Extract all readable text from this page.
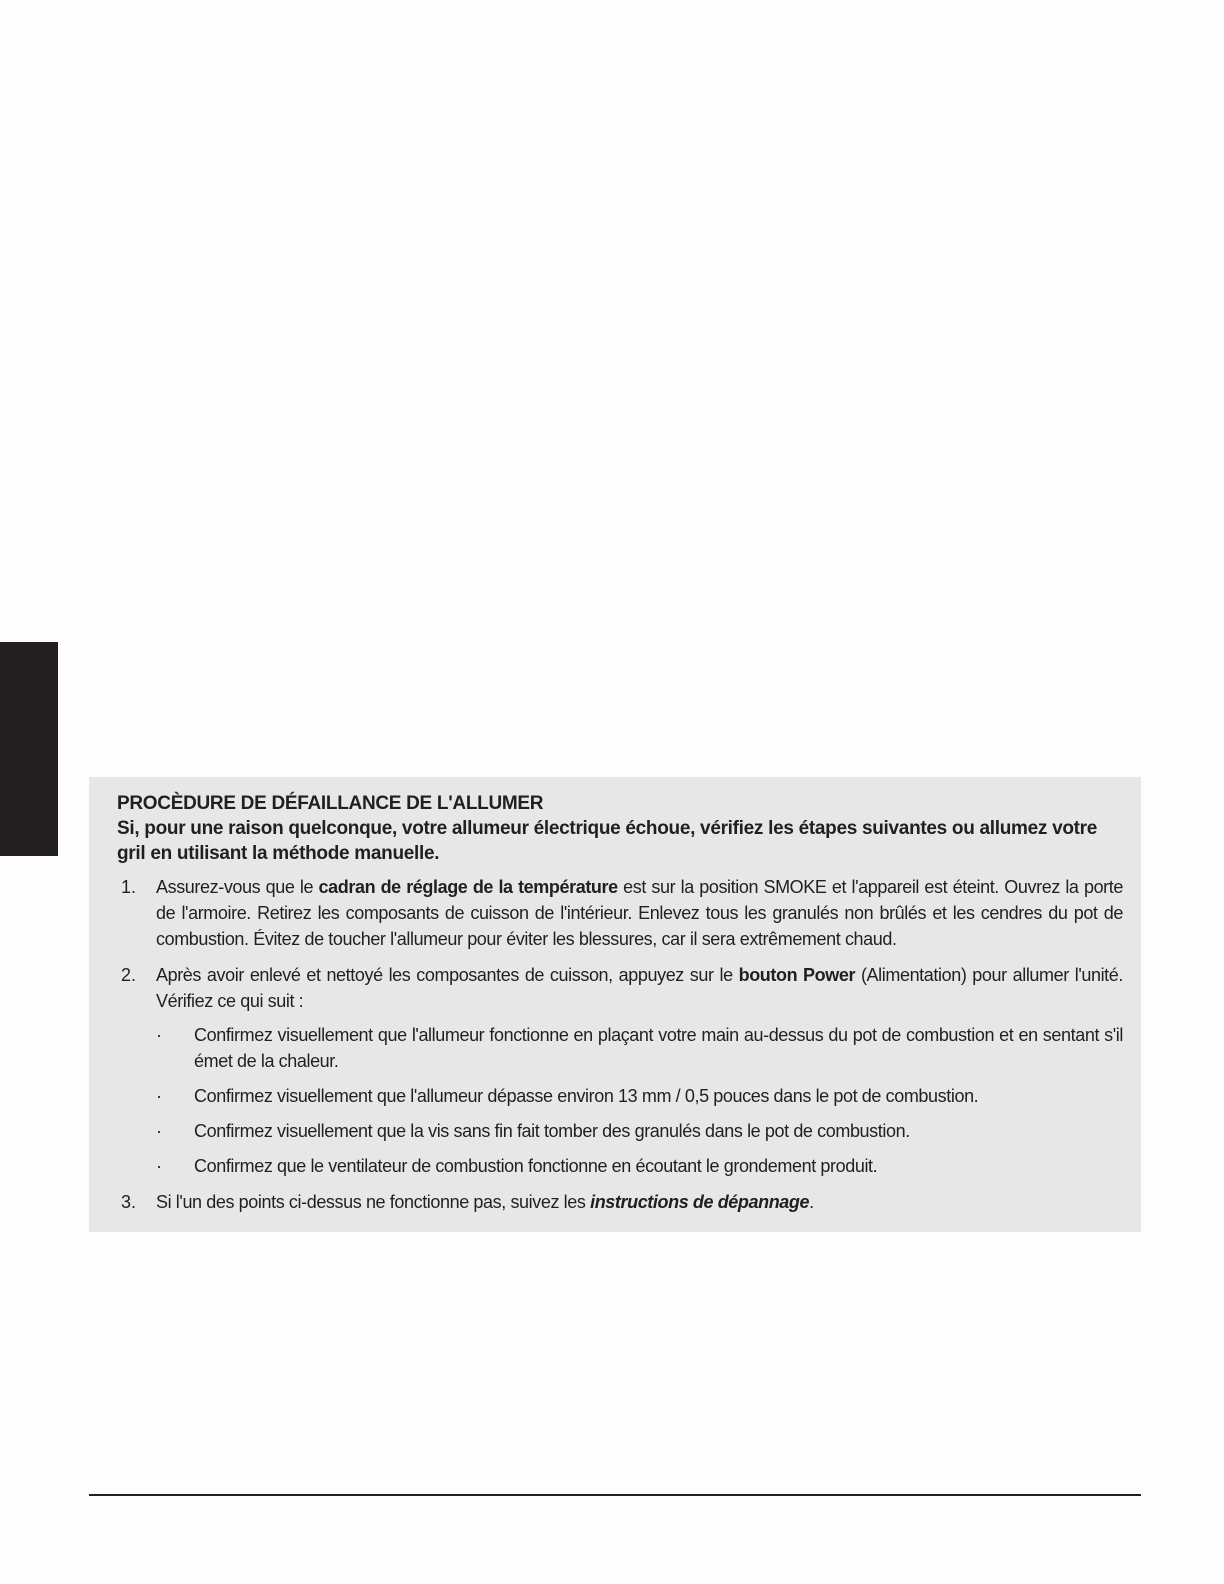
PROCÈDURE DE DÉFAILLANCE DE L'ALLUMER

Si, pour une raison quelconque, votre allumeur électrique échoue, vérifiez les étapes suivantes ou allumez votre gril en utilisant la méthode manuelle.

1. Assurez-vous que le cadran de réglage de la température est sur la position SMOKE et l'appareil est éteint. Ouvrez la porte de l'armoire. Retirez les composants de cuisson de l'intérieur. Enlevez tous les granulés non brûlés et les cendres du pot de combustion. Évitez de toucher l'allumeur pour éviter les blessures, car il sera extrêmement chaud.

2. Après avoir enlevé et nettoyé les composantes de cuisson, appuyez sur le bouton Power (Alimentation) pour allumer l'unité. Vérifiez ce qui suit :

· Confirmez visuellement que l'allumeur fonctionne en plaçant votre main au-dessus du pot de combustion et en sentant s'il émet de la chaleur.

· Confirmez visuellement que l'allumeur dépasse environ 13 mm / 0,5 pouces dans le pot de combustion.

· Confirmez visuellement que la vis sans fin fait tomber des granulés dans le pot de combustion.

· Confirmez que le ventilateur de combustion fonctionne en écoutant le grondement produit.

3. Si l'un des points ci-dessus ne fonctionne pas, suivez les instructions de dépannage.
